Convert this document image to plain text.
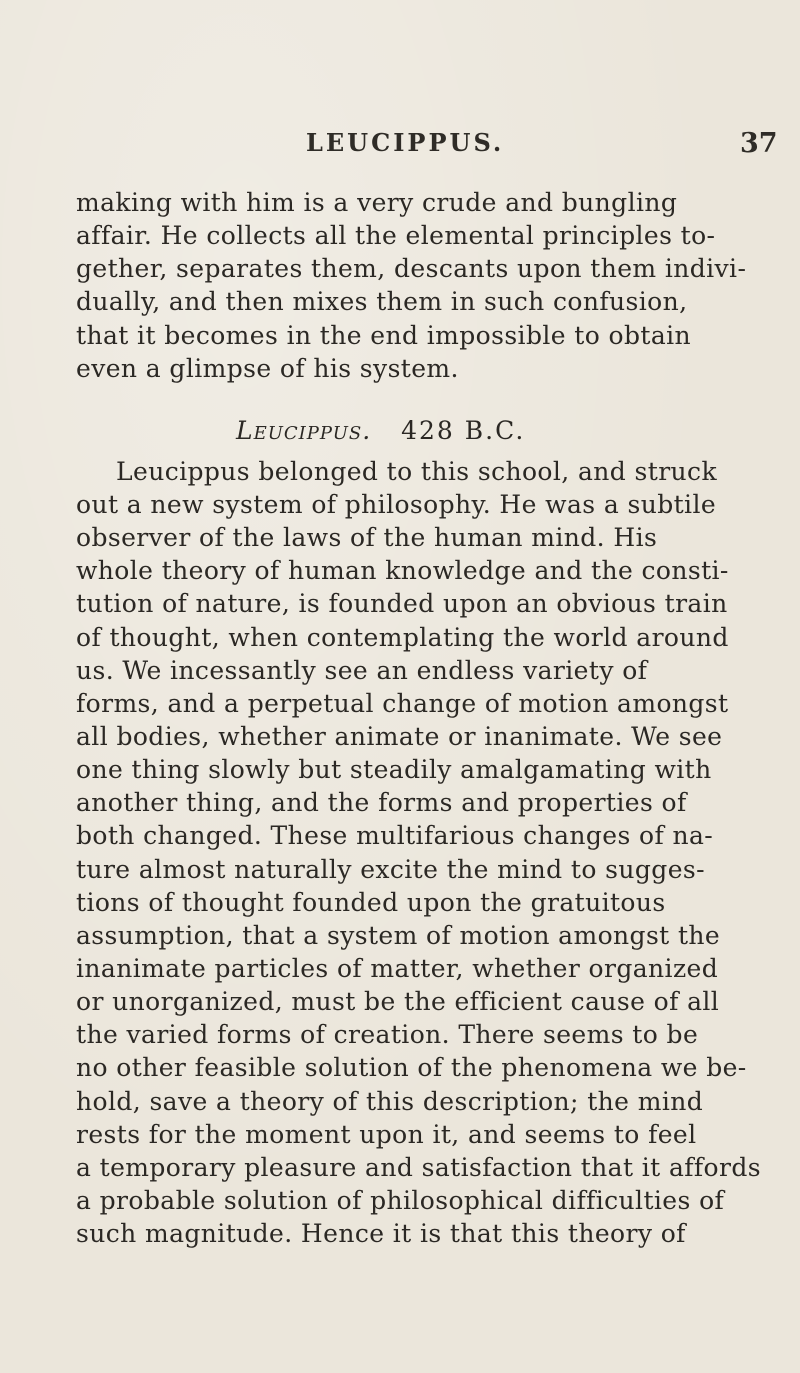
LEUCIPPUS.	37
making with him is a very crude and bungling
affair. He collects all the elemental principles to-
gether, separates them, descants upon them indivi-
dually, and then mixes them in such confusion,
that it becomes in the end impossible to obtain
even a glimpse of his system.
Leucippus. 428 B.C.
Leucippus belonged to this school, and struck
out a new system of philosophy. He was a subtile
observer of the laws of the human mind. His
whole theory of human knowledge and the consti-
tution of nature, is founded upon an obvious train
of thought, when contemplating the world around
us. We incessantly see an endless variety of
forms, and a perpetual change of motion amongst
all bodies, whether animate or inanimate. We see
one thing slowly but steadily amalgamating with
another thing, and the forms and properties of
both changed. These multifarious changes of na-
ture almost naturally excite the mind to sugges-
tions of thought founded upon the gratuitous
assumption, that a system of motion amongst the
inanimate particles of matter, whether organized
or unorganized, must be the efficient cause of all
the varied forms of creation. There seems to be
no other feasible solution of the phenomena we be-
hold, save a theory of this description; the mind
rests for the moment upon it, and seems to feel
a temporary pleasure and satisfaction that it affords
a probable solution of philosophical difficulties of
such magnitude. Hence it is that this theory of
